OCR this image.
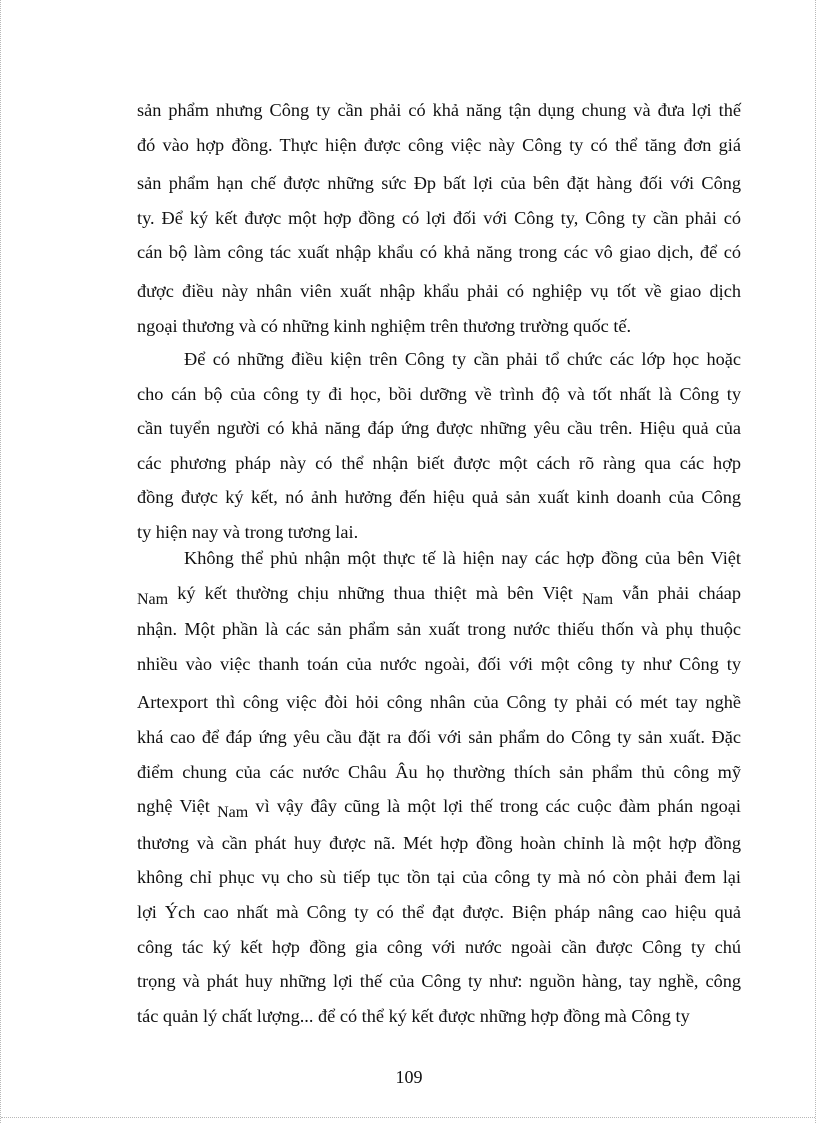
sản phẩm nhưng Công ty cần phải có khả năng tận dụng chung và đưa lợi thế
đó vào hợp đồng. Thực hiện được công việc này Công ty có thể tăng đơn giá
sản phẩm hạn chế được những sức Ðp bất lợi của bên đặt hàng đối với Công
ty. Để ký kết được một hợp đồng có lợi đối với Công ty, Công ty cần phải có
cán bộ làm công tác xuất nhập khẩu có khả năng trong các vô giao dịch, để có
được điều này nhân viên xuất nhập khẩu phải có nghiệp vụ tốt về giao dịch
ngoại thương và có những kinh nghiệm trên thương trường quốc tế.

Để có những điều kiện trên Công ty cần phải tổ chức các lớp học hoặc
cho cán bộ của công ty đi học, bồi dưỡng về trình độ và tốt nhất là Công ty
cần tuyển người có khả năng đáp ứng được những yêu cầu trên. Hiệu quả của
các phương pháp này có thể nhận biết được một cách rõ ràng qua các hợp
đồng được ký kết, nó ảnh hưởng đến hiệu quả sản xuất kinh doanh của Công
ty hiện nay và trong tương lai.

Không thể phủ nhận một thực tế là hiện nay các hợp đồng của bên Việt
Nam ký kết thường chịu những thua thiệt mà bên Việt Nam vẫn phải cháap
nhận. Một phần là các sản phẩm sản xuất trong nước thiếu thốn và phụ thuộc
nhiều vào việc thanh toán của nước ngoài, đối với một công ty như Công ty
Artexport thì công việc đòi hỏi công nhân của Công ty phải có mét tay nghề
khá cao để đáp ứng yêu cầu đặt ra đối với sản phẩm do Công ty sản xuất. Đặc
điểm chung của các nước Châu Âu họ thường thích sản phẩm thủ công mỹ
nghệ Việt Nam vì vậy đây cũng là một lợi thế trong các cuộc đàm phán ngoại
thương và cần phát huy được nã. Mét hợp đồng hoàn chỉnh là một hợp đồng
không chỉ phục vụ cho sù tiếp tục tồn tại của công ty mà nó còn phải đem lại
lợi Ých cao nhất mà Công ty có thể đạt được. Biện pháp nâng cao hiệu quả
công tác ký kết hợp đồng gia công với nước ngoài cần được Công ty chú
trọng và phát huy những lợi thế của Công ty như: nguồn hàng, tay nghề, công
tác quản lý chất lượng... để có thể ký kết được những hợp đồng mà Công ty

109
